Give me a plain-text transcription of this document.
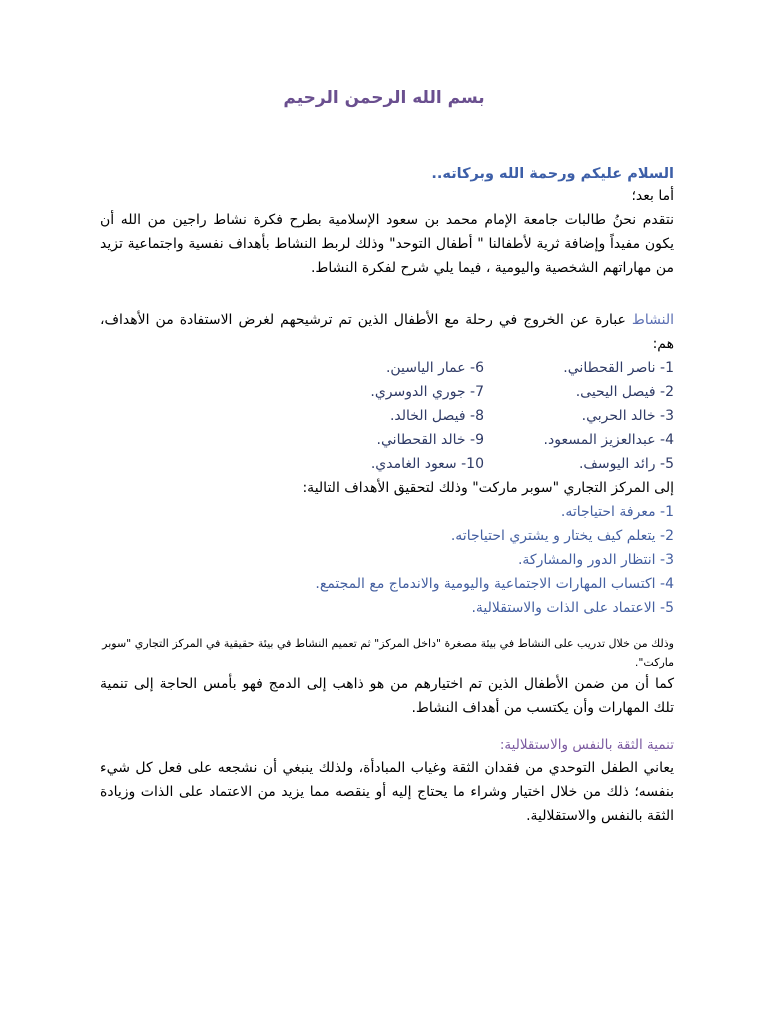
بسم الله الرحمن الرحيم

السلام عليكم ورحمة الله وبركاته..

أما بعد؛

نتقدم نحنُ طالبات جامعة الإمام محمد بن سعود الإسلامية بطرح فكرة نشاط راجين من الله أن يكون مفيداً وإضافة ثرية لأطفالنا " أطفال التوحد" وذلك لربط النشاط بأهداف نفسية واجتماعية تزيد من مهاراتهم الشخصية واليومية ، فيما يلي شرح لفكرة النشاط.

النشاط عبارة عن الخروج في رحلة مع الأطفال الذين تم ترشيحهم لغرض الاستفادة من الأهداف، هم:

1- ناصر القحطاني.
6- عمار الياسين.
2- فيصل اليحيى.
7- جوري الدوسري.
3- خالد الحربي.
8- فيصل الخالد.
4- عبدالعزيز المسعود.
9- خالد القحطاني.
5- رائد اليوسف.
10- سعود الغامدي.

إلى المركز التجاري "سوبر ماركت" وذلك لتحقيق الأهداف التالية:

1- معرفة احتياجاته.

2- يتعلم كيف يختار و يشتري احتياجاته.

3- انتظار الدور والمشاركة.

4- اكتساب المهارات الاجتماعية واليومية والاندماج مع المجتمع.

5- الاعتماد على الذات والاستقلالية.

وذلك من خلال تدريب على النشاط في بيئة مصغرة "داخل المركز" ثم تعميم النشاط في بيئة حقيقية في المركز التجاري "سوبر ماركت".

كما أن من ضمن الأطفال الذين تم اختيارهم من هو ذاهب إلى الدمج فهو بأمس الحاجة إلى تنمية تلك المهارات وأن يكتسب من أهداف النشاط.

تنمية الثقة بالنفس والاستقلالية:

يعاني الطفل التوحدي من فقدان الثقة وغياب المبادأة، ولذلك ينبغي أن نشجعه على فعل كل شيء بنفسه؛ ذلك من خلال اختيار وشراء ما يحتاج إليه أو ينقصه مما يزيد من الاعتماد على الذات وزيادة الثقة بالنفس والاستقلالية.
